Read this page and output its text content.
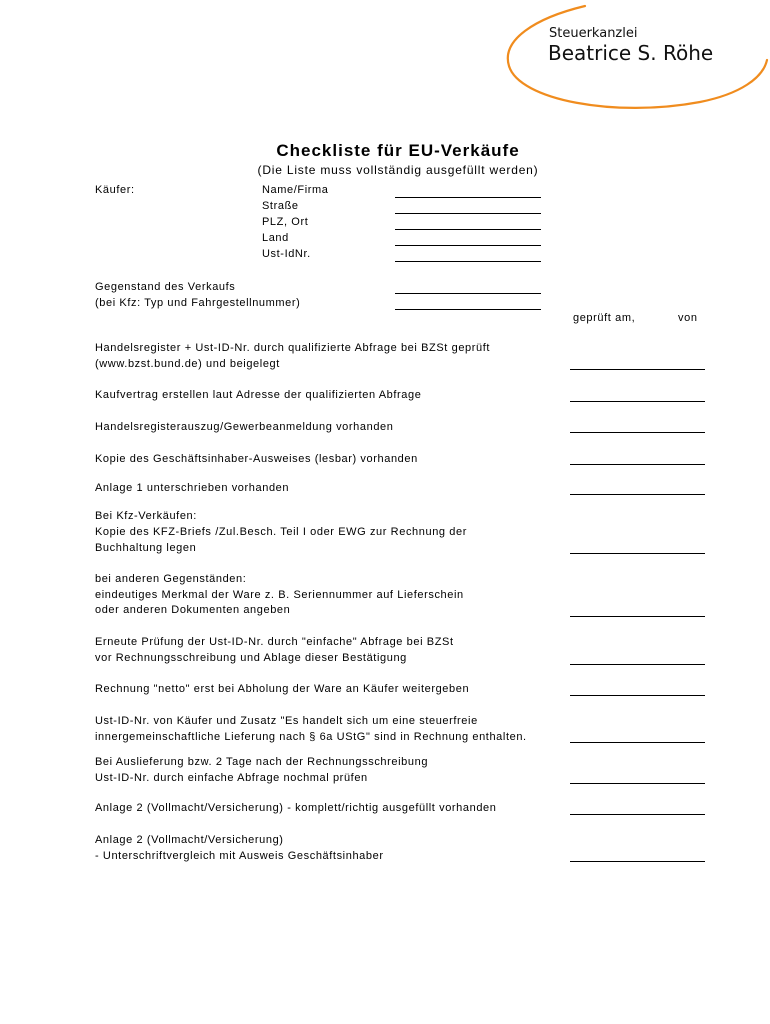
Steuerkanzlei
Beatrice S. Röhe
Checkliste für EU-Verkäufe
(Die Liste muss vollständig ausgefüllt werden)
Käufer:	Name/Firma
Straße
PLZ, Ort
Land
Ust-IdNr.
Gegenstand des Verkaufs
(bei Kfz: Typ und Fahrgestellnummer)
geprüft am,	von
Handelsregister + Ust-ID-Nr. durch qualifizierte Abfrage bei BZSt geprüft
(www.bzst.bund.de) und beigelegt
Kaufvertrag erstellen laut Adresse der qualifizierten Abfrage
Handelsregisterauszug/Gewerbeanmeldung vorhanden
Kopie des Geschäftsinhaber-Ausweises (lesbar) vorhanden
Anlage 1 unterschrieben vorhanden
Bei Kfz-Verkäufen:
Kopie des KFZ-Briefs /Zul.Besch. Teil I oder EWG zur Rechnung der
Buchhaltung legen
bei anderen Gegenständen:
eindeutiges Merkmal der Ware z. B. Seriennummer auf Lieferschein
oder anderen Dokumenten angeben
Erneute Prüfung der Ust-ID-Nr. durch "einfache" Abfrage bei BZSt
vor Rechnungsschreibung und Ablage dieser Bestätigung
Rechnung "netto" erst bei Abholung der Ware an Käufer weitergeben
Ust-ID-Nr. von Käufer und Zusatz "Es handelt sich um eine steuerfreie
innergemeinschaftliche Lieferung nach § 6a UStG" sind in Rechnung enthalten.
Bei Auslieferung bzw. 2 Tage nach der Rechnungsschreibung
Ust-ID-Nr. durch einfache Abfrage nochmal prüfen
Anlage 2 (Vollmacht/Versicherung) - komplett/richtig ausgefüllt vorhanden
Anlage 2 (Vollmacht/Versicherung)
- Unterschriftvergleich mit Ausweis Geschäftsinhaber
